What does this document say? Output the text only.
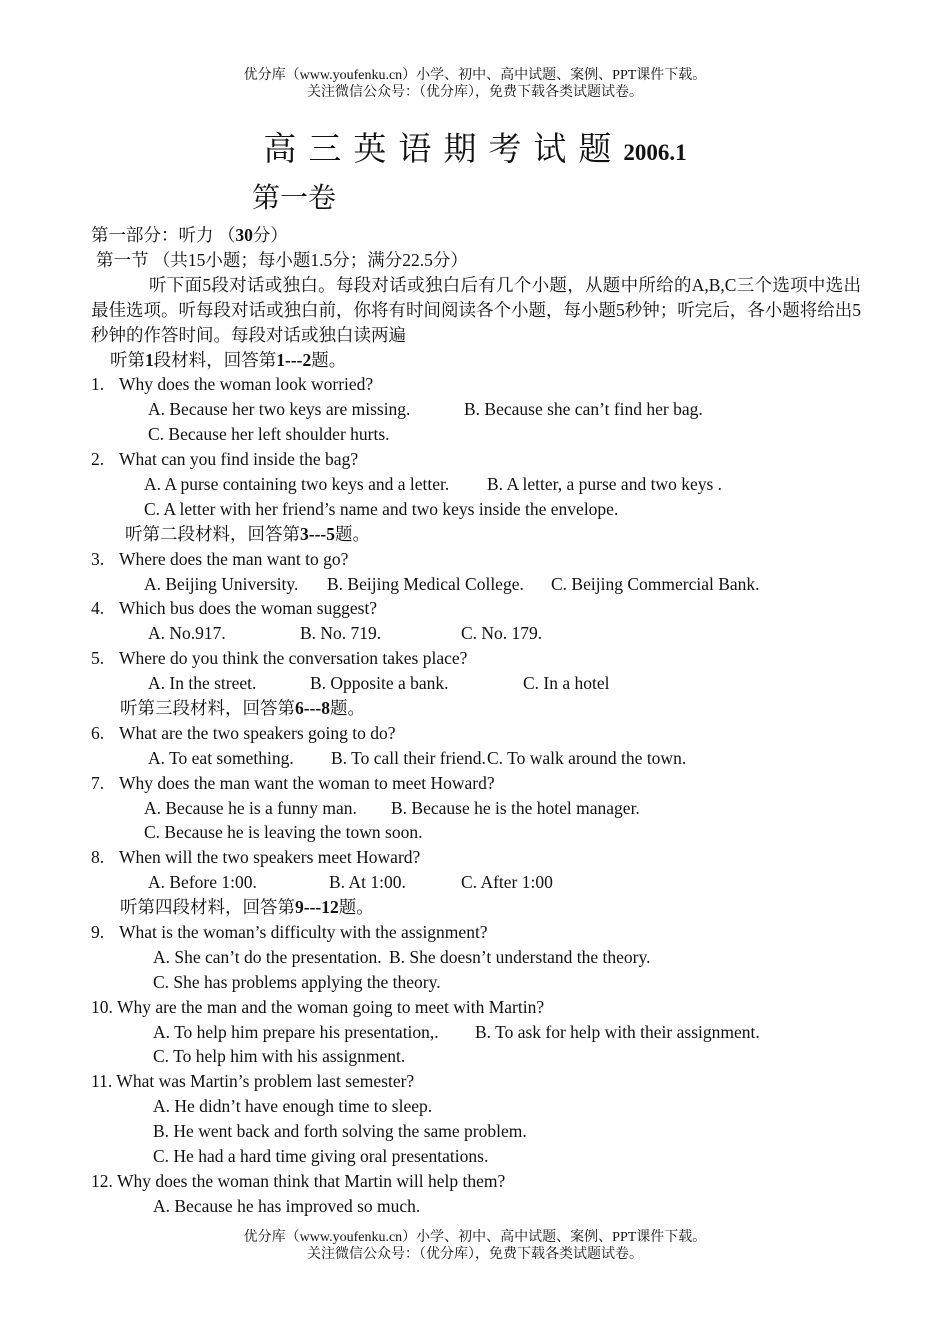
优分库（www.youfenku.cn）小学、初中、高中试题、案例、PPT课件下载。
关注微信公众号：（优分库），免费下载各类试题试卷。
高三英语期考试题2006.1
第一卷
第一部分：听力 （30分）
第一节 （共15小题；每小题1.5分；满分22.5分）

听下面5段对话或独白。每段对话或独白后有几个小题，从题中所给的A,B,C三个选项中选出最佳选项。听每段对话或独白前，你将有时间阅读各个小题，每小题5秒钟；听完后，各小题将给出5秒钟的作答时间。每段对话或独白读两遍

听第1段材料，回答第1---2题。
1. Why does the woman look worried?
A. Because her two keys are missing.	B. Because she can’t find her bag.
C. Because her left shoulder hurts.
2. What can you find inside the bag?
A. A purse containing two keys and a letter. B. A letter, a purse and two keys .
C. A letter with her friend’s name and two keys inside the envelope.
听第二段材料，回答第3---5题。
3. Where does the man want to go?
A. Beijing University. B. Beijing Medical College. C. Beijing Commercial Bank.
4. Which bus does the woman suggest?
A. No.917.	B. No. 719.	C. No. 179.
5. Where do you think the conversation takes place?
A. In the street.	B. Opposite a bank.	C. In a hotel
听第三段材料，回答第6---8题。
6. What are the two speakers going to do?
A. To eat something. B. To call their friend.C. To walk around the town.
7. Why does the man want the woman to meet Howard?
A. Because he is a funny man. B. Because he is the hotel manager.
C. Because he is leaving the town soon.
8. When will the two speakers meet Howard?
A. Before 1:00.	B. At 1:00.	C. After 1:00
听第四段材料，回答第9---12题。
9. What is the woman’s difficulty with the assignment?
A. She can’t do the presentation. B. She doesn’t understand the theory.
C. She has problems applying the theory.
10. Why are the man and the woman going to meet with Martin?
A. To help him prepare his presentation,. B. To ask for help with their assignment.
C. To help him with his assignment.
11. What was Martin’s problem last semester?
A. He didn’t have enough time to sleep.
B. He went back and forth solving the same problem.
C. He had a hard time giving oral presentations.
12. Why does the woman think that Martin will help them?
A. Because he has improved so much.
优分库（www.youfenku.cn）小学、初中、高中试题、案例、PPT课件下载。
关注微信公众号：（优分库），免费下载各类试题试卷。
